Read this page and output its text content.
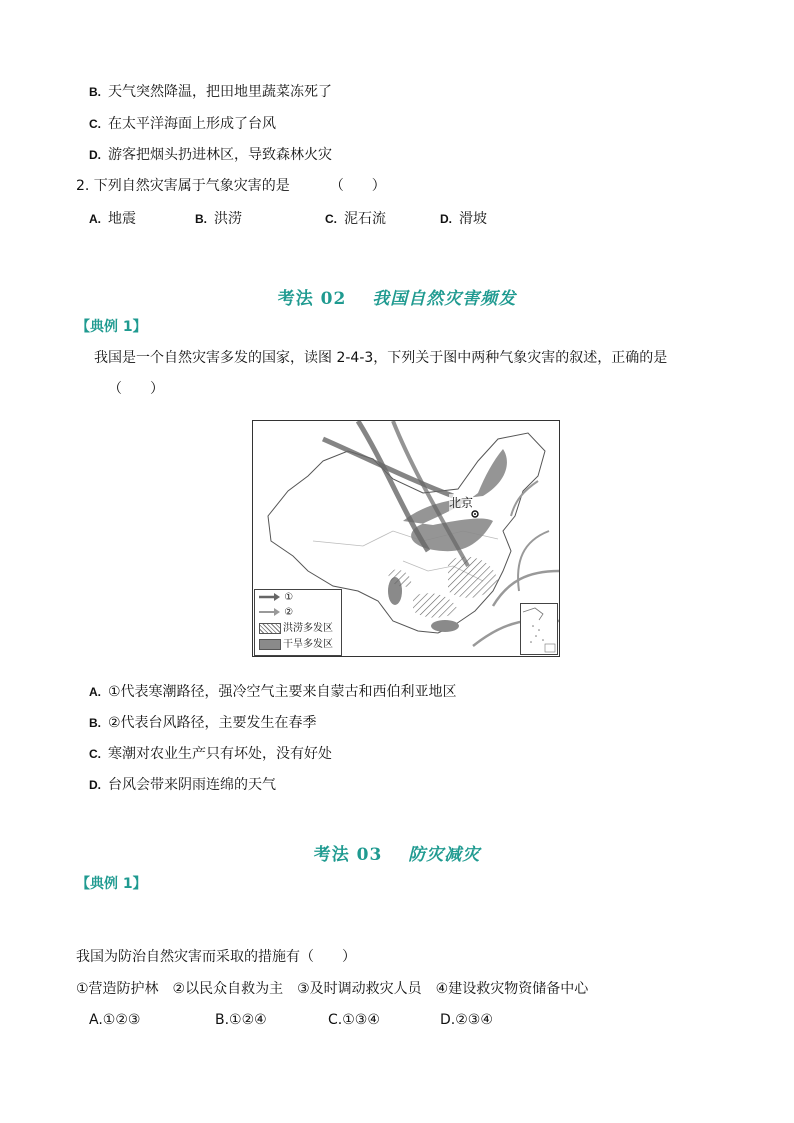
B. 天气突然降温，把田地里蔬菜冻死了
C. 在太平洋海面上形成了台风
D. 游客把烟头扔进林区，导致森林火灾
2. 下列自然灾害属于气象灾害的是	（　　）
A. 地震	B. 洪涝	C. 泥石流	D. 滑坡
考法 02 我国自然灾害频发
【典例 1】
我国是一个自然灾害多发的国家，读图 2-4-3，下列关于图中两种气象灾害的叙述，正确的是
（　　）
北京
①
②
洪涝多发区
干旱多发区
A. ①代表寒潮路径，强冷空气主要来自蒙古和西伯利亚地区
B. ②代表台风路径，主要发生在春季
C. 寒潮对农业生产只有坏处，没有好处
D. 台风会带来阴雨连绵的天气
考法 03 防灾减灾
【典例 1】
我国为防治自然灾害而采取的措施有（　　）
①营造防护林　②以民众自救为主　③及时调动救灾人员　④建设救灾物资储备中心
A.①②③	B.①②④	C.①③④	D.②③④
